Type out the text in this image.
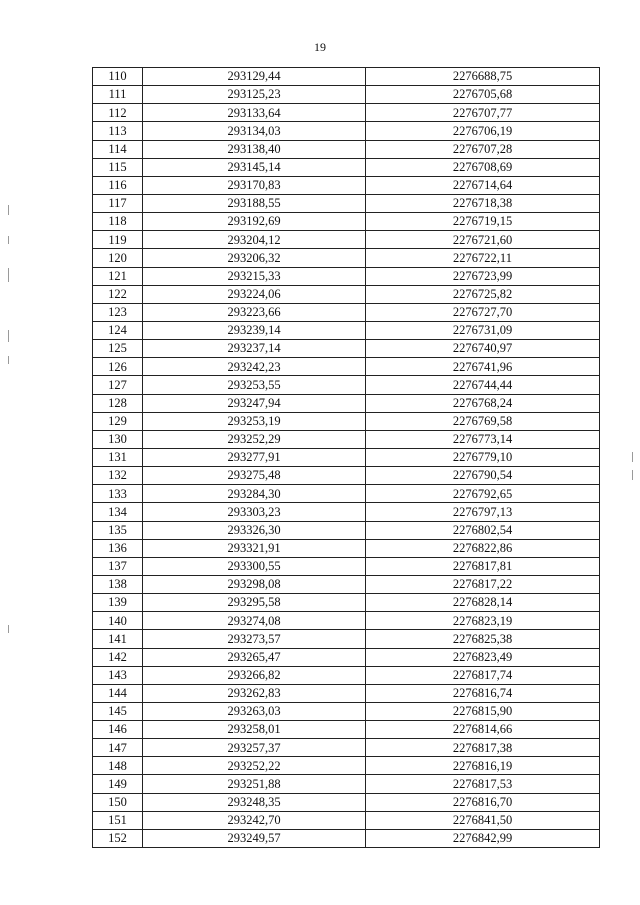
19
110	293129,44	2276688,75
111	293125,23	2276705,68
112	293133,64	2276707,77
113	293134,03	2276706,19
114	293138,40	2276707,28
115	293145,14	2276708,69
116	293170,83	2276714,64
117	293188,55	2276718,38
118	293192,69	2276719,15
119	293204,12	2276721,60
120	293206,32	2276722,11
121	293215,33	2276723,99
122	293224,06	2276725,82
123	293223,66	2276727,70
124	293239,14	2276731,09
125	293237,14	2276740,97
126	293242,23	2276741,96
127	293253,55	2276744,44
128	293247,94	2276768,24
129	293253,19	2276769,58
130	293252,29	2276773,14
131	293277,91	2276779,10
132	293275,48	2276790,54
133	293284,30	2276792,65
134	293303,23	2276797,13
135	293326,30	2276802,54
136	293321,91	2276822,86
137	293300,55	2276817,81
138	293298,08	2276817,22
139	293295,58	2276828,14
140	293274,08	2276823,19
141	293273,57	2276825,38
142	293265,47	2276823,49
143	293266,82	2276817,74
144	293262,83	2276816,74
145	293263,03	2276815,90
146	293258,01	2276814,66
147	293257,37	2276817,38
148	293252,22	2276816,19
149	293251,88	2276817,53
150	293248,35	2276816,70
151	293242,70	2276841,50
152	293249,57	2276842,99
